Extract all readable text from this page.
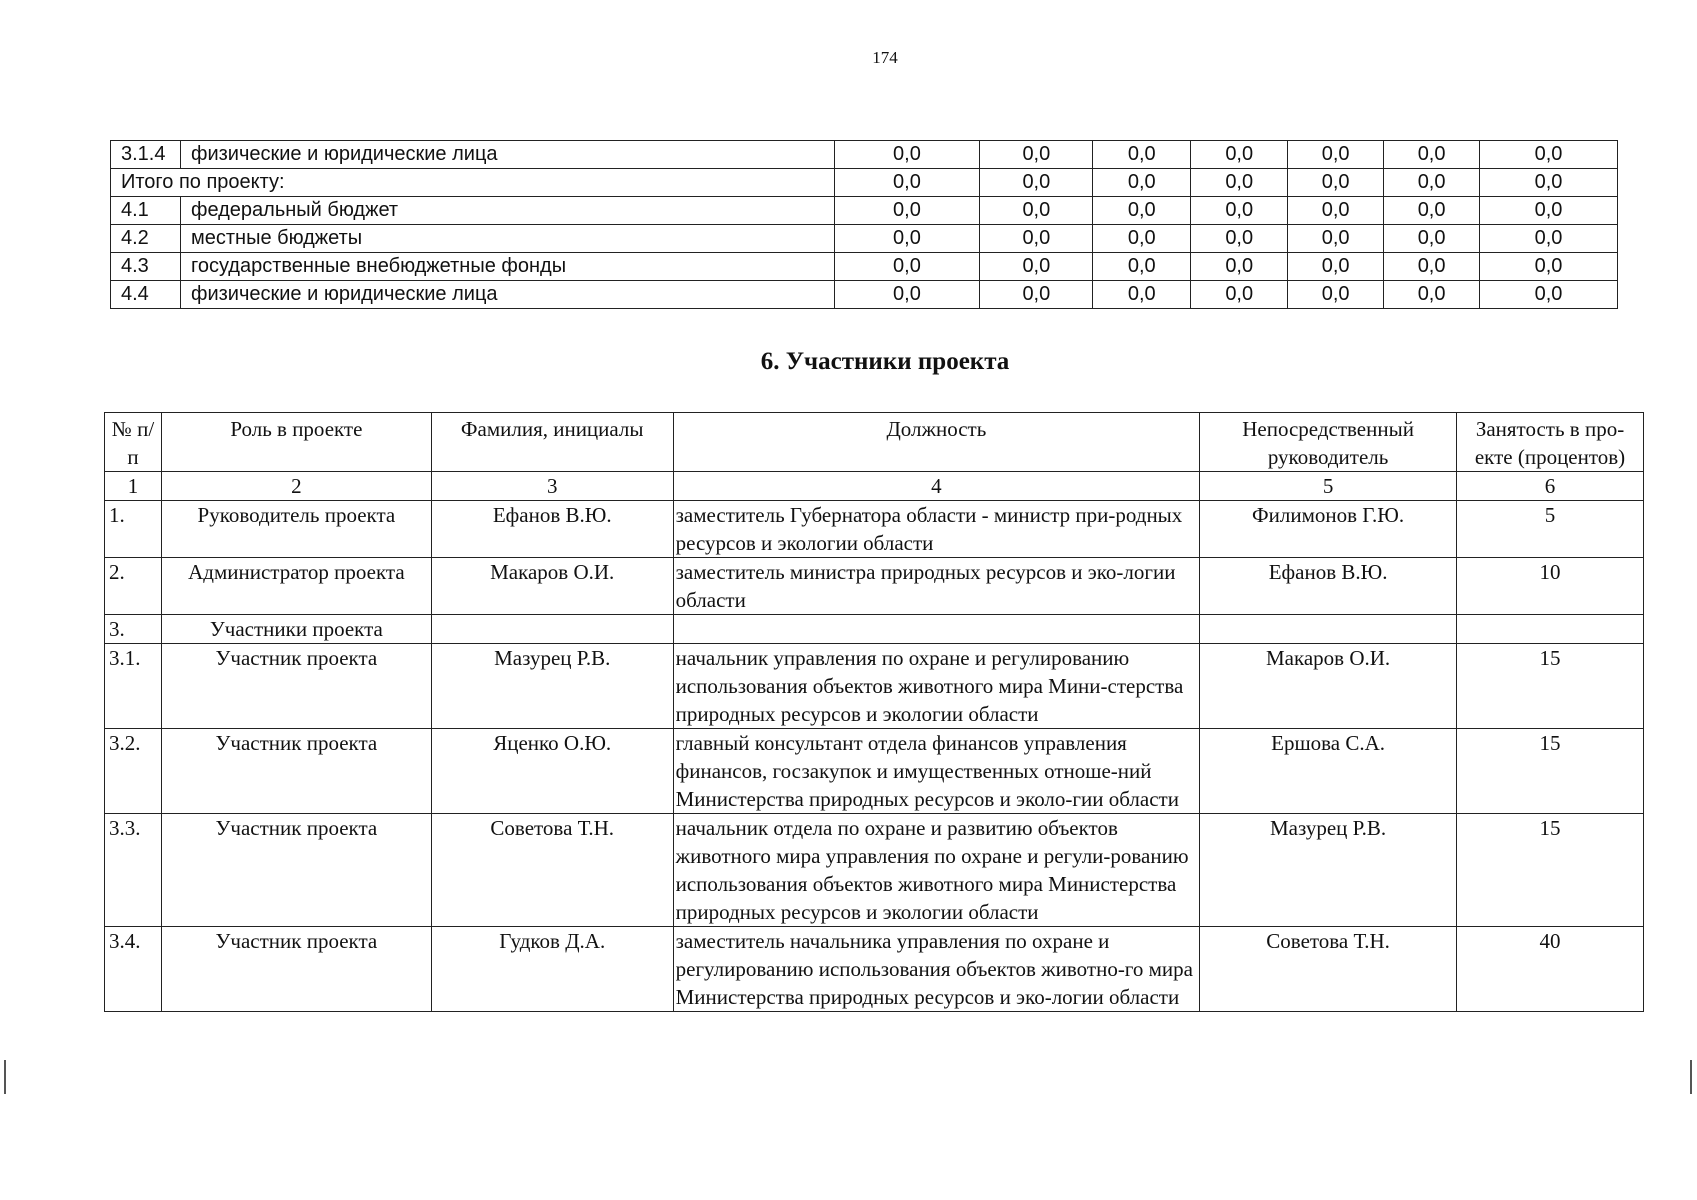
174
3.1.4	физические и юридические лица	0,0	0,0	0,0	0,0	0,0	0,0	0,0
Итого по проекту:		0,0	0,0	0,0	0,0	0,0	0,0	0,0
4.1	федеральный бюджет	0,0	0,0	0,0	0,0	0,0	0,0	0,0
4.2	местные бюджеты	0,0	0,0	0,0	0,0	0,0	0,0	0,0
4.3	государственные внебюджетные фонды	0,0	0,0	0,0	0,0	0,0	0,0	0,0
4.4	физические и юридические лица	0,0	0,0	0,0	0,0	0,0	0,0	0,0
6. Участники проекта
№ п/п	Роль в проекте	Фамилия, инициалы	Должность	Непосредственный руководитель	Занятость в про-екте (процентов)
1	2	3	4	5	6
1.	Руководитель проекта	Ефанов В.Ю.	заместитель Губернатора области - министр при-родных ресурсов и экологии области	Филимонов Г.Ю.	5
2.	Администратор проекта	Макаров О.И.	заместитель министра природных ресурсов и эко-логии области	Ефанов В.Ю.	10
3.	Участники проекта				
3.1.	Участник проекта	Мазурец Р.В.	начальник управления по охране и регулированию использования объектов животного мира Мини-стерства природных ресурсов и экологии области	Макаров О.И.	15
3.2.	Участник проекта	Яценко О.Ю.	главный консультант отдела финансов управления финансов, госзакупок и имущественных отноше-ний Министерства природных ресурсов и эколо-гии области	Ершова С.А.	15
3.3.	Участник проекта	Советова Т.Н.	начальник отдела по охране и развитию объектов животного мира управления по охране и регули-рованию использования объектов животного мира Министерства природных ресурсов и экологии области	Мазурец Р.В.	15
3.4.	Участник проекта	Гудков Д.А.	заместитель начальника управления по охране и регулированию использования объектов животно-го мира Министерства природных ресурсов и эко-логии области	Советова Т.Н.	40
